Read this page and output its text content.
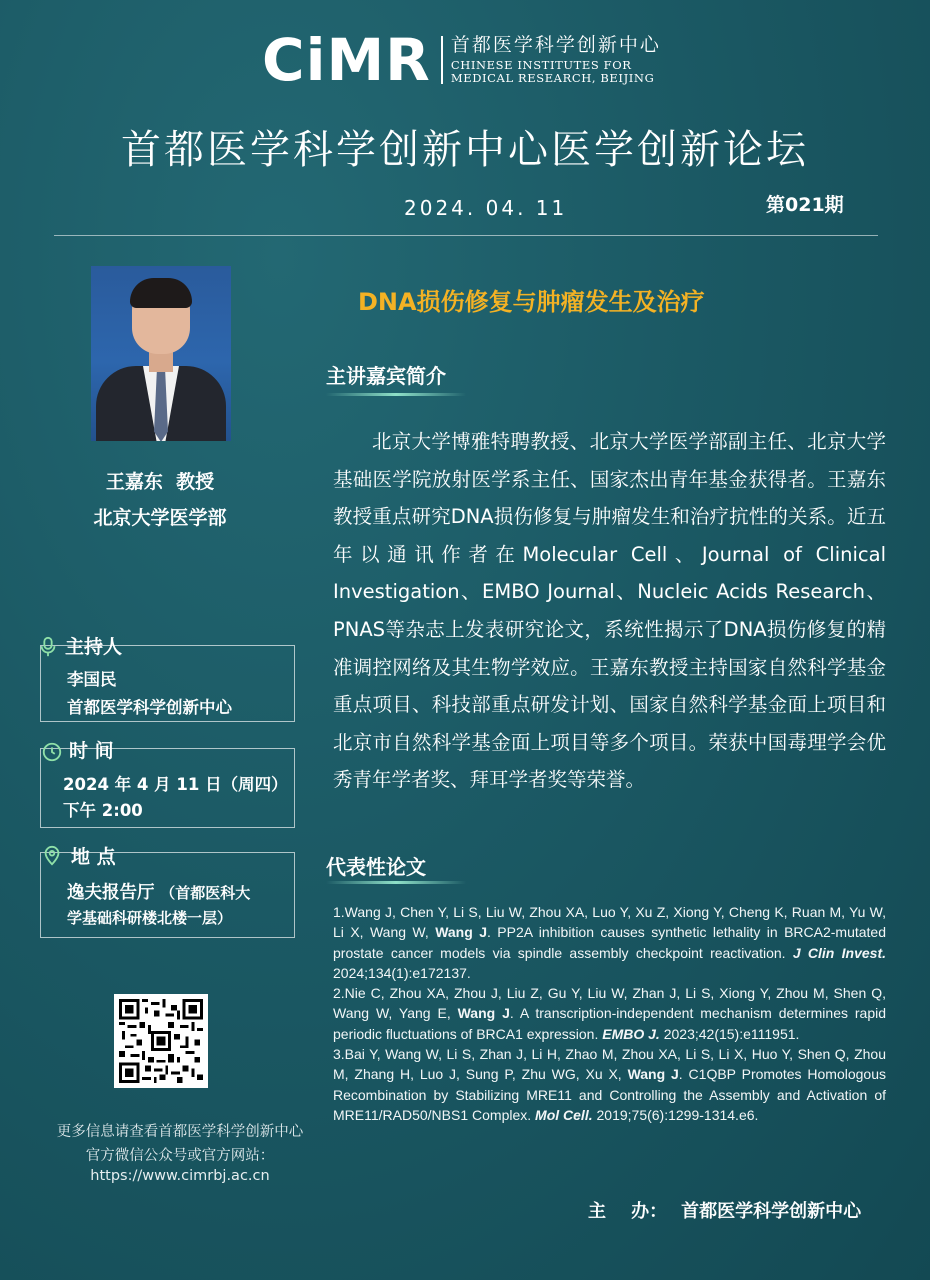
CiMR 首都医学科学创新中心
CHINESE INSTITUTES FOR
MEDICAL RESEARCH, BEIJING
首都医学科学创新中心医学创新论坛
2024. 04. 11	第021期
王嘉东  教授
北京大学医学部
主持人
李国民
首都医学科学创新中心
时 间
2024 年 4 月 11 日（周四）
下午 2:00
地 点
逸夫报告厅 （首都医科大
学基础科研楼北楼一层）
更多信息请查看首都医学科学创新中心
官方微信公众号或官方网站：
https://www.cimrbj.ac.cn
DNA损伤修复与肿瘤发生及治疗
主讲嘉宾简介
北京大学博雅特聘教授、北京大学医学部副主任、北京大学基础医学院放射医学系主任、国家杰出青年基金获得者。王嘉东教授重点研究DNA损伤修复与肿瘤发生和治疗抗性的关系。近五年以通讯作者在Molecular Cell、Journal of Clinical Investigation、EMBO Journal、Nucleic Acids Research、PNAS等杂志上发表研究论文，系统性揭示了DNA损伤修复的精准调控网络及其生物学效应。王嘉东教授主持国家自然科学基金重点项目、科技部重点研发计划、国家自然科学基金面上项目和北京市自然科学基金面上项目等多个项目。荣获中国毒理学会优秀青年学者奖、拜耳学者奖等荣誉。
代表性论文

1.Wang J, Chen Y, Li S, Liu W, Zhou XA, Luo Y, Xu Z, Xiong Y, Cheng K, Ruan M, Yu W, Li X, Wang W, Wang J. PP2A inhibition causes synthetic lethality in BRCA2-mutated prostate cancer models via spindle assembly checkpoint reactivation. J Clin Invest. 2024;134(1):e172137.

2.Nie C, Zhou XA, Zhou J, Liu Z, Gu Y, Liu W, Zhan J, Li S, Xiong Y, Zhou M, Shen Q, Wang W, Yang E, Wang J. A transcription-independent mechanism determines rapid periodic fluctuations of BRCA1 expression. EMBO J. 2023;42(15):e111951.

3.Bai Y, Wang W, Li S, Zhan J, Li H, Zhao M, Zhou XA, Li S, Li X, Huo Y, Shen Q, Zhou M, Zhang H, Luo J, Sung P, Zhu WG, Xu X, Wang J. C1QBP Promotes Homologous Recombination by Stabilizing MRE11 and Controlling the Assembly and Activation of MRE11/RAD50/NBS1 Complex. Mol Cell. 2019;75(6):1299-1314.e6.

主    办： 首都医学科学创新中心
